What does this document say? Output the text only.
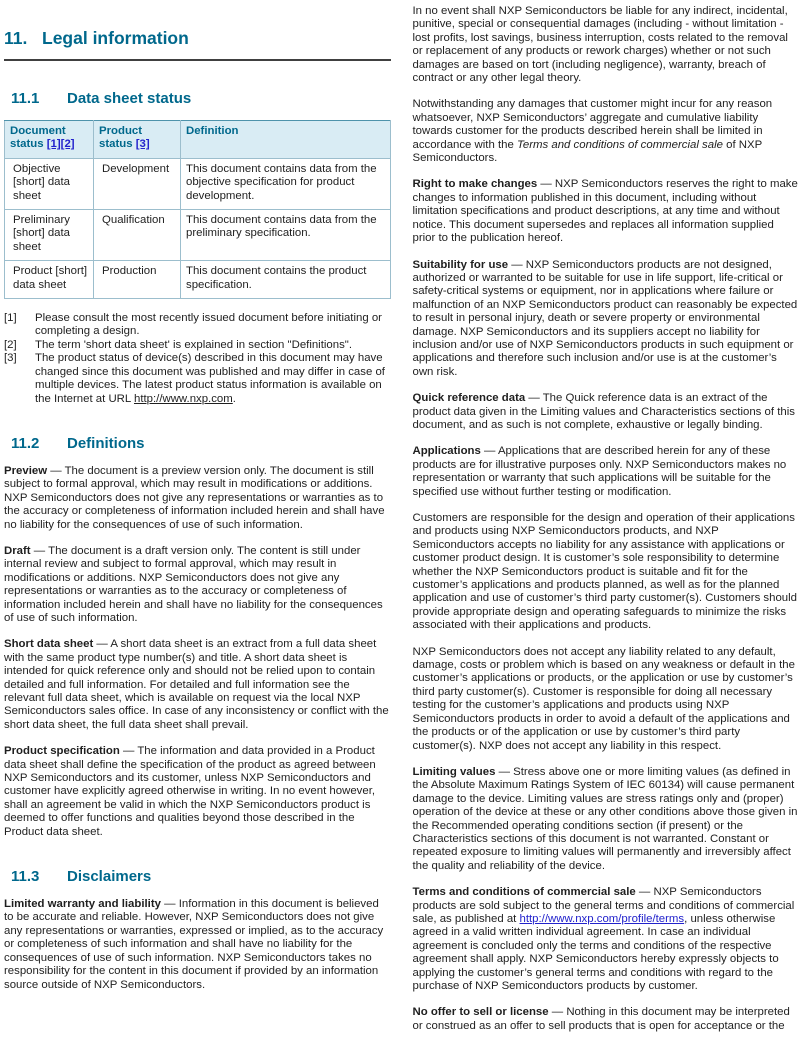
11. Legal information
11.1 Data sheet status
Document status [1][2]	Product status [3]	Definition
Objective [short] data sheet	Development	This document contains data from the objective specification for product development.
Preliminary [short] data sheet	Qualification	This document contains data from the preliminary specification.
Product [short] data sheet	Production	This document contains the product specification.
[1]	Please consult the most recently issued document before initiating or completing a design.
[2]	The term 'short data sheet' is explained in section "Definitions".
[3]	The product status of device(s) described in this document may have changed since this document was published and may differ in case of multiple devices. The latest product status information is available on the Internet at URL http://www.nxp.com.
11.2 Definitions

Preview — The document is a preview version only. The document is still subject to formal approval, which may result in modifications or additions. NXP Semiconductors does not give any representations or warranties as to the accuracy or completeness of information included herein and shall have no liability for the consequences of use of such information.

Draft — The document is a draft version only. The content is still under internal review and subject to formal approval, which may result in modifications or additions. NXP Semiconductors does not give any representations or warranties as to the accuracy or completeness of information included herein and shall have no liability for the consequences of use of such information.

Short data sheet — A short data sheet is an extract from a full data sheet with the same product type number(s) and title. A short data sheet is intended for quick reference only and should not be relied upon to contain detailed and full information. For detailed and full information see the relevant full data sheet, which is available on request via the local NXP Semiconductors sales office. In case of any inconsistency or conflict with the short data sheet, the full data sheet shall prevail.

Product specification — The information and data provided in a Product data sheet shall define the specification of the product as agreed between NXP Semiconductors and its customer, unless NXP Semiconductors and customer have explicitly agreed otherwise in writing. In no event however, shall an agreement be valid in which the NXP Semiconductors product is deemed to offer functions and qualities beyond those described in the Product data sheet.

11.3 Disclaimers

Limited warranty and liability — Information in this document is believed to be accurate and reliable. However, NXP Semiconductors does not give any representations or warranties, expressed or implied, as to the accuracy or completeness of such information and shall have no liability for the consequences of use of such information. NXP Semiconductors takes no responsibility for the content in this document if provided by an information source outside of NXP Semiconductors.

In no event shall NXP Semiconductors be liable for any indirect, incidental, punitive, special or consequential damages (including - without limitation - lost profits, lost savings, business interruption, costs related to the removal or replacement of any products or rework charges) whether or not such damages are based on tort (including negligence), warranty, breach of contract or any other legal theory.

Notwithstanding any damages that customer might incur for any reason whatsoever, NXP Semiconductors’ aggregate and cumulative liability towards customer for the products described herein shall be limited in accordance with the Terms and conditions of commercial sale of NXP Semiconductors.

Right to make changes — NXP Semiconductors reserves the right to make changes to information published in this document, including without limitation specifications and product descriptions, at any time and without notice. This document supersedes and replaces all information supplied prior to the publication hereof.

Suitability for use — NXP Semiconductors products are not designed, authorized or warranted to be suitable for use in life support, life-critical or safety-critical systems or equipment, nor in applications where failure or malfunction of an NXP Semiconductors product can reasonably be expected to result in personal injury, death or severe property or environmental damage. NXP Semiconductors and its suppliers accept no liability for inclusion and/or use of NXP Semiconductors products in such equipment or applications and therefore such inclusion and/or use is at the customer’s own risk.

Quick reference data — The Quick reference data is an extract of the product data given in the Limiting values and Characteristics sections of this document, and as such is not complete, exhaustive or legally binding.

Applications — Applications that are described herein for any of these products are for illustrative purposes only. NXP Semiconductors makes no representation or warranty that such applications will be suitable for the specified use without further testing or modification.

Customers are responsible for the design and operation of their applications and products using NXP Semiconductors products, and NXP Semiconductors accepts no liability for any assistance with applications or customer product design. It is customer’s sole responsibility to determine whether the NXP Semiconductors product is suitable and fit for the customer’s applications and products planned, as well as for the planned application and use of customer’s third party customer(s). Customers should provide appropriate design and operating safeguards to minimize the risks associated with their applications and products.

NXP Semiconductors does not accept any liability related to any default, damage, costs or problem which is based on any weakness or default in the customer’s applications or products, or the application or use by customer’s third party customer(s). Customer is responsible for doing all necessary testing for the customer’s applications and products using NXP Semiconductors products in order to avoid a default of the applications and the products or of the application or use by customer’s third party customer(s). NXP does not accept any liability in this respect.

Limiting values — Stress above one or more limiting values (as defined in the Absolute Maximum Ratings System of IEC 60134) will cause permanent damage to the device. Limiting values are stress ratings only and (proper) operation of the device at these or any other conditions above those given in the Recommended operating conditions section (if present) or the Characteristics sections of this document is not warranted. Constant or repeated exposure to limiting values will permanently and irreversibly affect the quality and reliability of the device.

Terms and conditions of commercial sale — NXP Semiconductors products are sold subject to the general terms and conditions of commercial sale, as published at http://www.nxp.com/profile/terms, unless otherwise agreed in a valid written individual agreement. In case an individual agreement is concluded only the terms and conditions of the respective agreement shall apply. NXP Semiconductors hereby expressly objects to applying the customer’s general terms and conditions with regard to the purchase of NXP Semiconductors products by customer.

No offer to sell or license — Nothing in this document may be interpreted or construed as an offer to sell products that is open for acceptance or the
